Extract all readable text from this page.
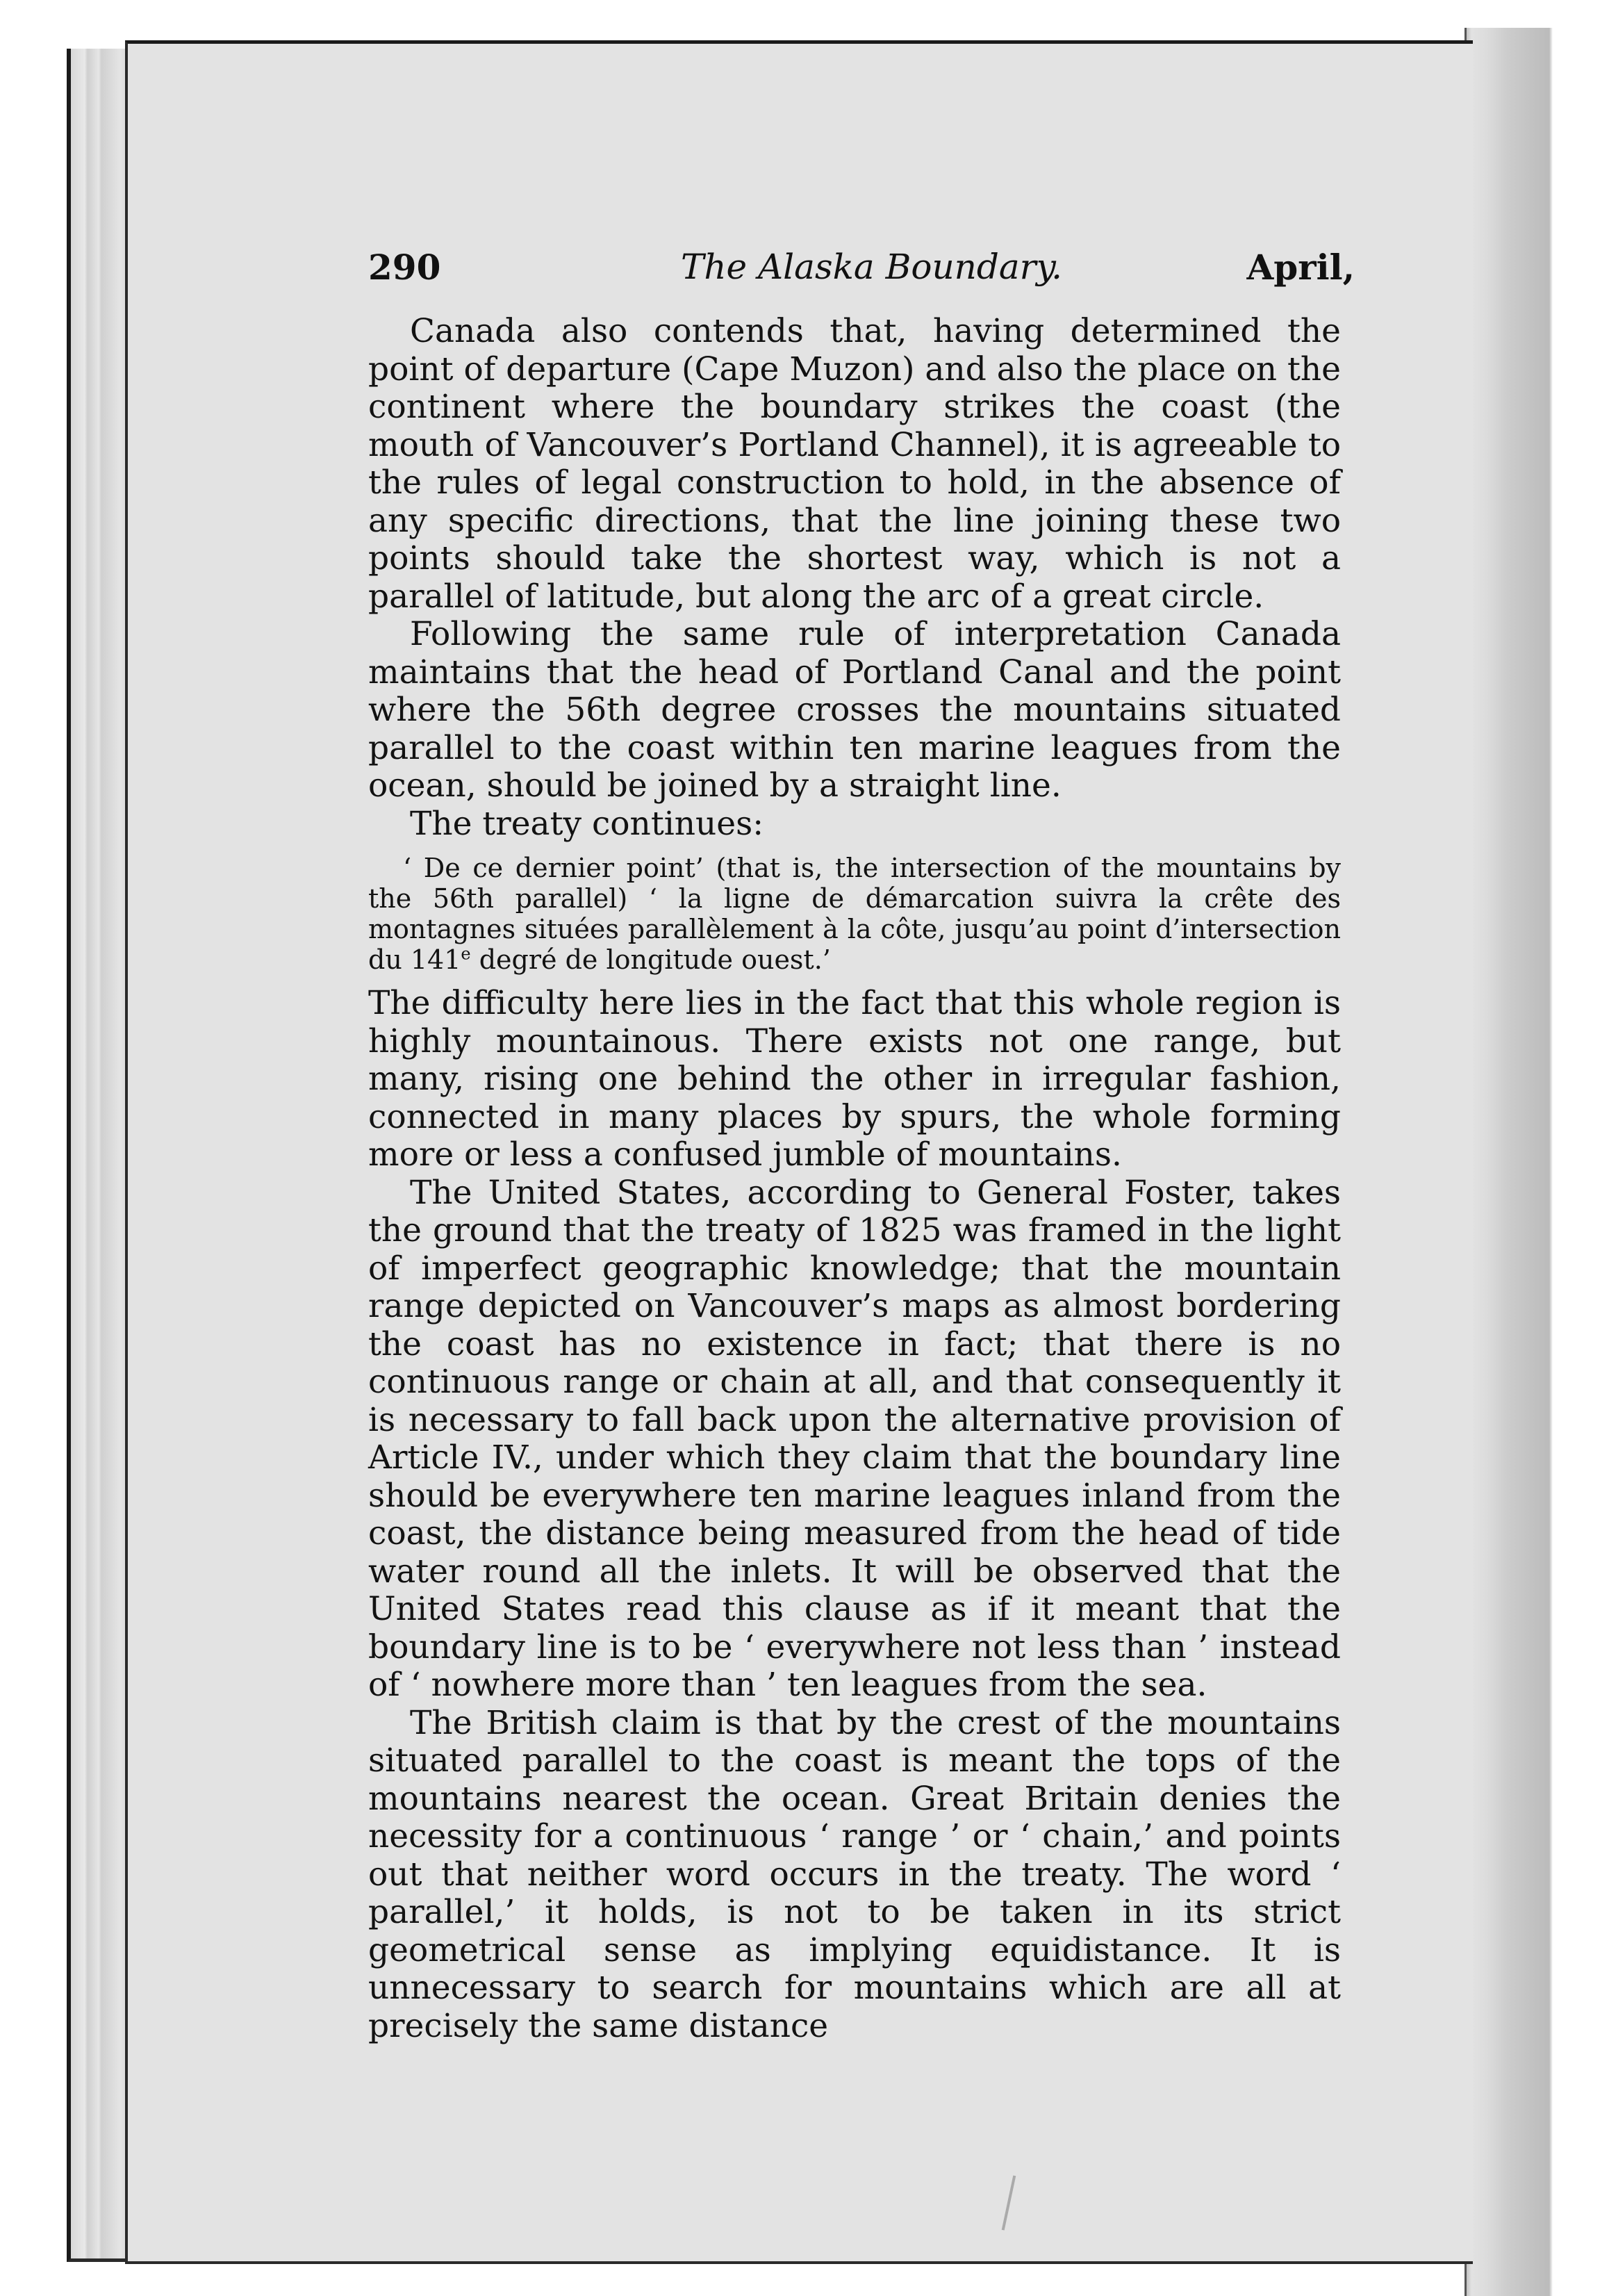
290	The Alaska Boundary.	April,

Canada also contends that, having determined the point of departure (Cape Muzon) and also the place on the continent where the boundary strikes the coast (the mouth of Vancouver’s Portland Channel), it is agreeable to the rules of legal construction to hold, in the absence of any specific directions, that the line joining these two points should take the shortest way, which is not a parallel of latitude, but along the arc of a great circle.

Following the same rule of interpretation Canada maintains that the head of Portland Canal and the point where the 56th degree crosses the mountains situated parallel to the coast within ten marine leagues from the ocean, should be joined by a straight line.

The treaty continues:

‘ De ce dernier point’ (that is, the intersection of the mountains by the 56th parallel) ‘ la ligne de démarcation suivra la crête des montagnes situées parallèlement à la côte, jusqu’au point d’intersection du 141e degré de longitude ouest.’

The difficulty here lies in the fact that this whole region is highly mountainous. There exists not one range, but many, rising one behind the other in irregular fashion, connected in many places by spurs, the whole forming more or less a confused jumble of mountains.

The United States, according to General Foster, takes the ground that the treaty of 1825 was framed in the light of imperfect geographic knowledge; that the mountain range depicted on Vancouver’s maps as almost bordering the coast has no existence in fact; that there is no continuous range or chain at all, and that consequently it is necessary to fall back upon the alternative provision of Article IV., under which they claim that the boundary line should be everywhere ten marine leagues inland from the coast, the distance being measured from the head of tide water round all the inlets. It will be observed that the United States read this clause as if it meant that the boundary line is to be ‘ everywhere not less than ’ instead of ‘ nowhere more than ’ ten leagues from the sea.

The British claim is that by the crest of the mountains situated parallel to the coast is meant the tops of the mountains nearest the ocean. Great Britain denies the necessity for a continuous ‘ range ’ or ‘ chain,’ and points out that neither word occurs in the treaty. The word ‘ parallel,’ it holds, is not to be taken in its strict geometrical sense as implying equidistance. It is unnecessary to search for mountains which are all at precisely the same distance
